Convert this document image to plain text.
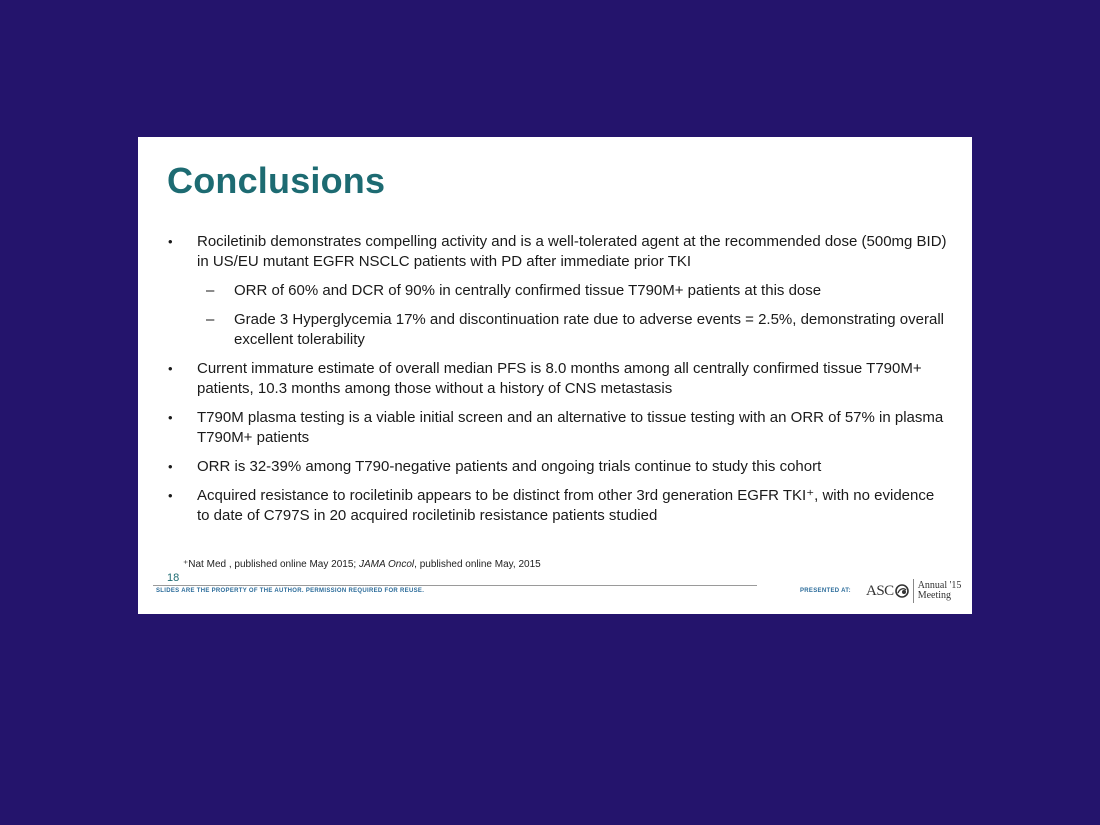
Conclusions
• Rociletinib demonstrates compelling activity and is a well-tolerated agent at the recommended dose (500mg BID) in US/EU mutant EGFR NSCLC patients with PD after immediate prior TKI
– ORR of 60% and DCR of 90% in centrally confirmed tissue T790M+ patients at this dose
– Grade 3 Hyperglycemia 17% and discontinuation rate due to adverse events = 2.5%, demonstrating overall excellent tolerability
• Current immature estimate of overall median PFS is 8.0 months among all centrally confirmed tissue T790M+ patients, 10.3 months among those without a history of CNS metastasis
• T790M plasma testing is a viable initial screen and an alternative to tissue testing with an ORR of 57% in plasma T790M+ patients
• ORR is 32-39% among T790-negative patients and ongoing trials continue to study this cohort
• Acquired resistance to rociletinib appears to be distinct from other 3rd generation EGFR TKI⁺, with no evidence to date of C797S in 20 acquired rociletinib resistance patients studied
⁺Nat Med , published online May 2015; JAMA Oncol, published online May, 2015
18
SLIDES ARE THE PROPERTY OF THE AUTHOR. PERMISSION REQUIRED FOR REUSE.	PRESENTED AT: ASC Annual '15
Meeting
